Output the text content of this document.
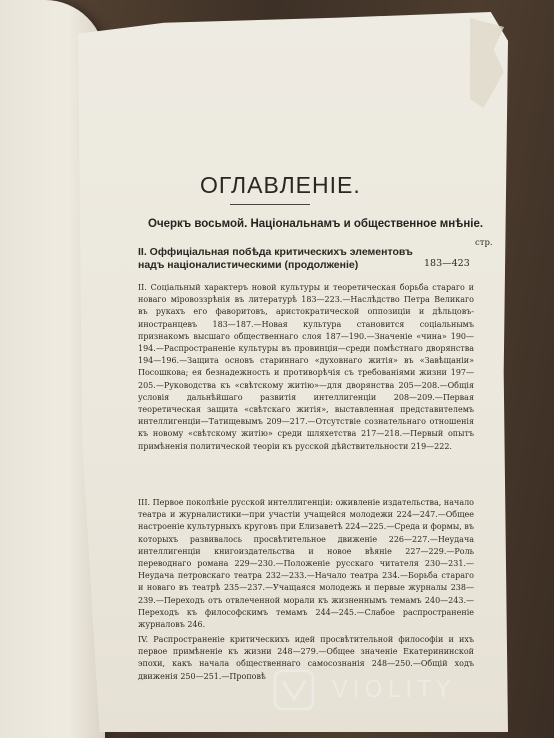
ОГЛАВЛЕНІЕ.
Очеркъ восьмой. Національнамъ и общественное мнѣніе.
стр.
II. Оффиціальная побѣда критическихъ элементовъ надъ націоналистическими (продолженіе)	183—423
II. Соціальный характеръ новой культуры и теоретическая борьба стараго и новаго міровоззрѣнія въ литературѣ 183—223.—Наслѣдство Петра Великаго въ рукахъ его фаворитовъ, аристократической оппозиціи и дѣльцовъ-иностранцевъ 183—187.—Новая культура становится соціальнымъ признакомъ высшаго общественнаго слоя 187—190.—Значеніе «чина» 190—194.—Распространеніе культуры въ провинціи—среди помѣстнаго дворянства 194—196.—Защита основъ стариннаго «духовнаго житія» въ «Завѣщаніи» Посошкова; ея безнадежность и противорѣчія съ требованіями жизни 197—205.—Руководства къ «свѣтскому житію»—для дворянства 205—208.—Общія условія дальнѣйшаго развитія интеллигенціи 208—209.—Первая теоретическая защита «свѣтскаго житія», выставленная представителемъ интеллигенціи—Татищевымъ 209—217.—Отсутствіе сознательнаго отношенія къ новому «свѣтскому житію» среди шляхетства 217—218.—Первый опытъ примѣненія политической теоріи къ русской дѣйствительности 219—222.
III. Первое поколѣніе русской интеллигенціи: оживленіе издательства, начало театра и журналистики—при участіи учащейся молодежи 224—247.—Общее настроеніе культурныхъ круговъ при Елизаветѣ 224—225.—Среда и формы, въ которыхъ развивалось просвѣтительное движеніе 226—227.—Неудача интеллигенціи книгоиздательства и новое вѣяніе 227—229.—Роль переводнаго романа 229—230.—Положеніе русскаго читателя 230—231.—Неудача петровскаго театра 232—233.—Начало театра 234.—Борьба стараго и новаго въ театрѣ 235—237.—Учащаяся молодежь и первые журналы 238—239.—Переходъ отъ отвлеченной морали къ жизненнымъ темамъ 240—243.—Переходъ къ философскимъ темамъ 244—245.—Слабое распространеніе журналовъ 246.
IV. Распространеніе критическихъ идей просвѣтительной философіи и ихъ первое примѣненіе къ жизни 248—279.—Общее значеніе Екатерининской эпохи, какъ начала общественнаго самосознанія 248—250.—Общій ходъ движенія 250—251.—Проповѣ
VIOLITY
